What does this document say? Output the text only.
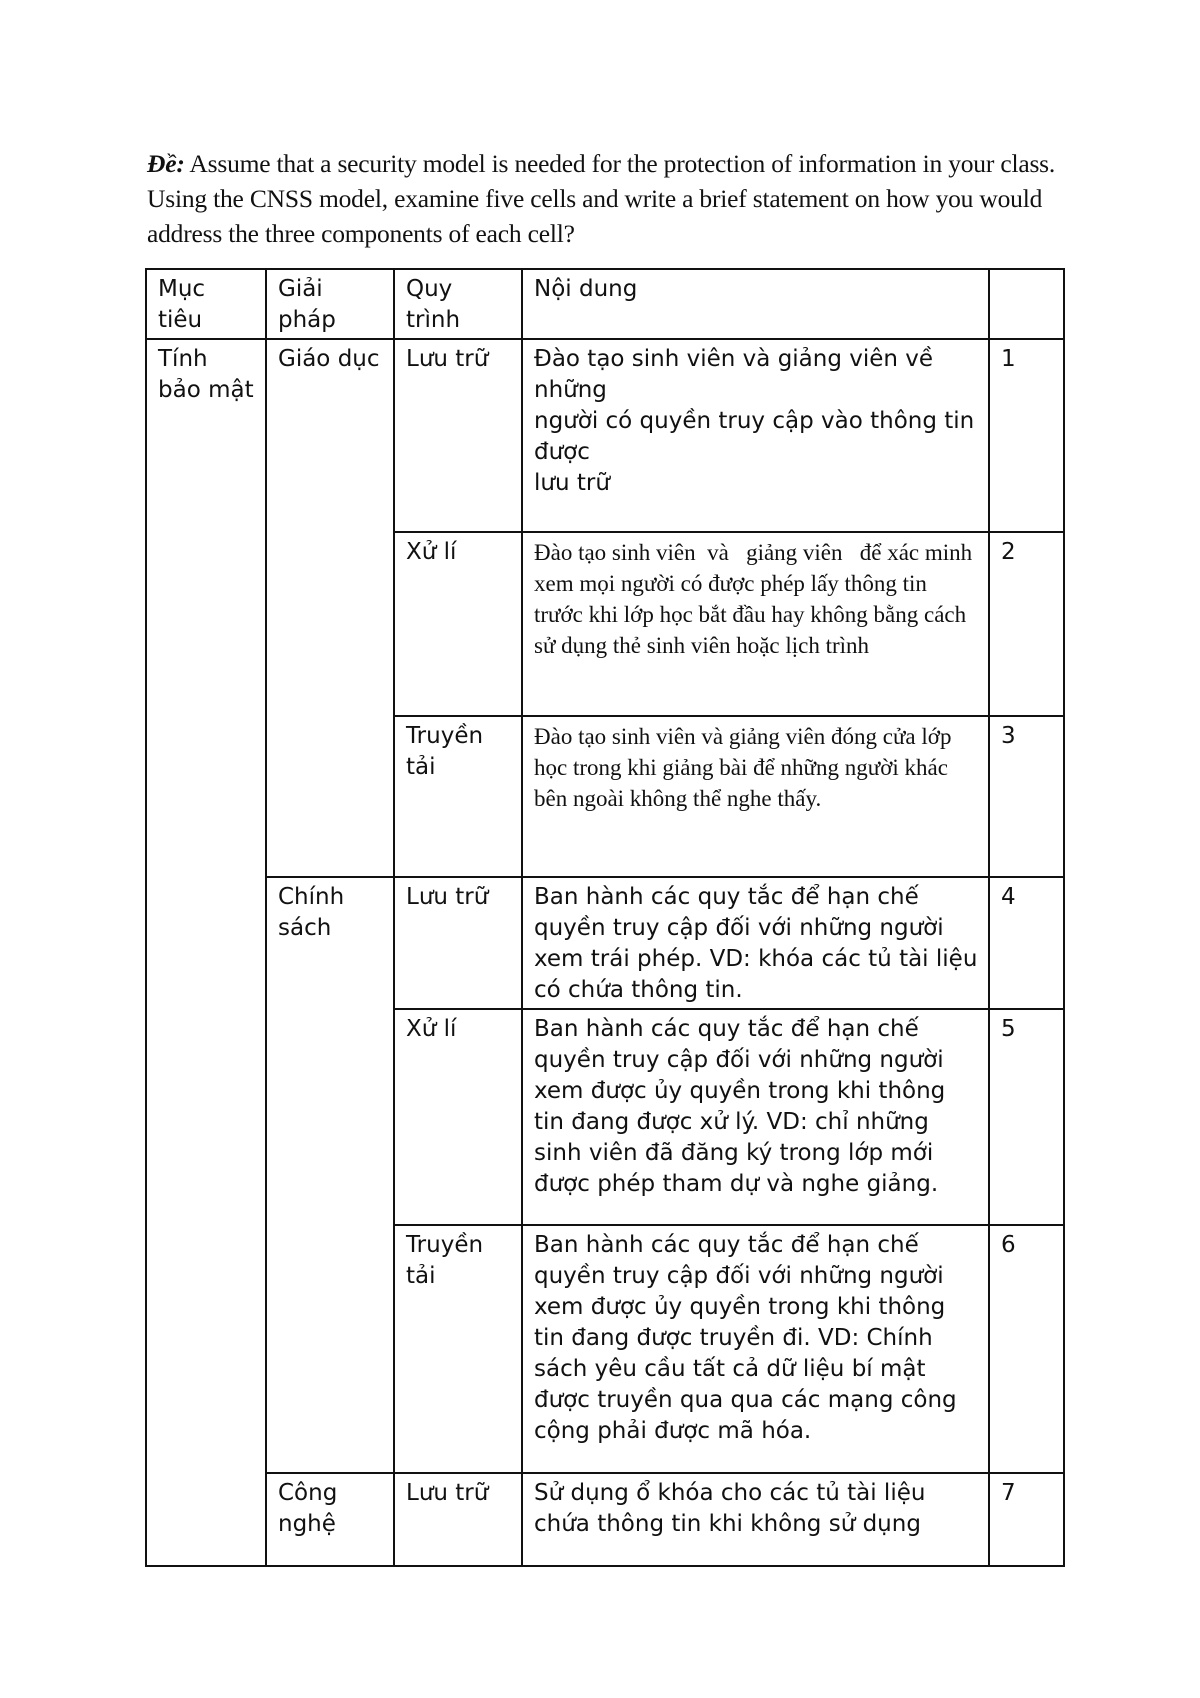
Đề: Assume that a security model is needed for the protection of information in your class. Using the CNSS model, examine five cells and write a brief statement on how you would address the three components of each cell?

Mục tiêu	Giải pháp	Quy trình	Nội dung	
Tính bảo mật	Giáo dục	Lưu trữ	Đào tạo sinh viên và giảng viên về những
người có quyền truy cập vào thông tin được
lưu trữ	1
		Xử lí	Đào tạo sinh viên  và   giảng viên   để xác minh xem mọi người có được phép lấy thông tin trước khi lớp học bắt đầu hay không bằng cách sử dụng thẻ sinh viên hoặc lịch trình	2
		Truyền tải	Đào tạo sinh viên và giảng viên đóng cửa lớp học trong khi giảng bài để những người khác bên ngoài không thể nghe thấy.	3
	Chính sách	Lưu trữ	Ban hành các quy tắc để hạn chế quyền truy cập đối với những người xem trái phép. VD: khóa các tủ tài liệu có chứa thông tin.	4
		Xử lí	Ban hành các quy tắc để hạn chế quyền truy cập đối với những người xem được ủy quyền trong khi thông tin đang được xử lý. VD: chỉ những sinh viên đã đăng ký trong lớp mới được phép tham dự và nghe giảng.	5
		Truyền tải	Ban hành các quy tắc để hạn chế quyền truy cập đối với những người xem được ủy quyền trong khi thông tin đang được truyền đi. VD: Chính sách yêu cầu tất cả dữ liệu bí mật được truyền qua qua các mạng công cộng phải được mã hóa.	6
	Công nghệ	Lưu trữ	Sử dụng ổ khóa cho các tủ tài liệu chứa thông tin khi không sử dụng	7
